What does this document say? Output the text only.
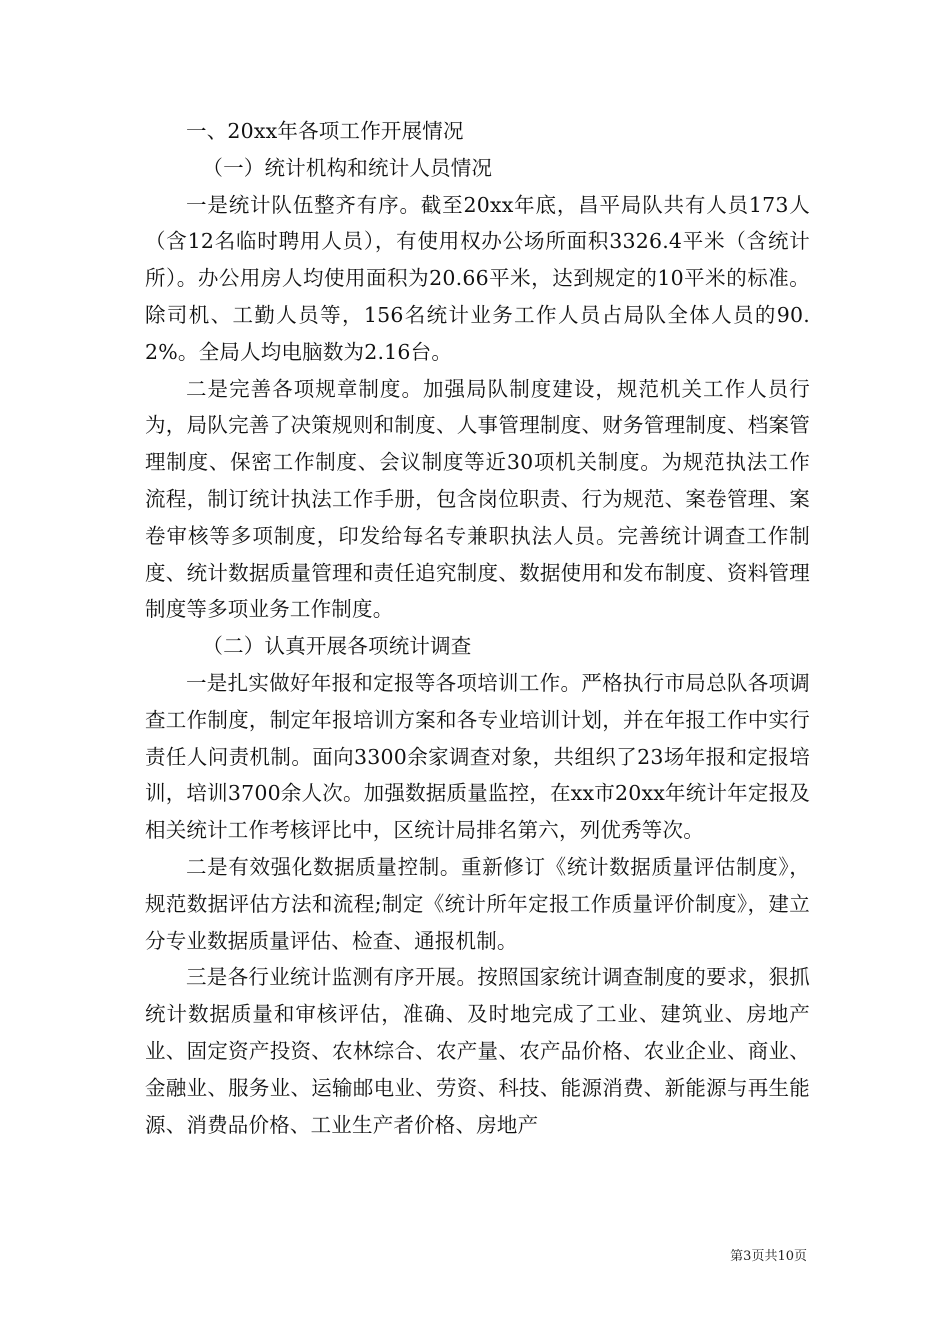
一、20xx年各项工作开展情况

（一）统计机构和统计人员情况

一是统计队伍整齐有序。截至20xx年底，昌平局队共有人员173人（含12名临时聘用人员），有使用权办公场所面积3326.4平米（含统计所）。办公用房人均使用面积为20.66平米，达到规定的10平米的标准。除司机、工勤人员等，156名统计业务工作人员占局队全体人员的90.2%。全局人均电脑数为2.16台。

二是完善各项规章制度。加强局队制度建设，规范机关工作人员行为，局队完善了决策规则和制度、人事管理制度、财务管理制度、档案管理制度、保密工作制度、会议制度等近30项机关制度。为规范执法工作流程，制订统计执法工作手册，包含岗位职责、行为规范、案卷管理、案卷审核等多项制度，印发给每名专兼职执法人员。完善统计调查工作制度、统计数据质量管理和责任追究制度、数据使用和发布制度、资料管理制度等多项业务工作制度。

（二）认真开展各项统计调查

一是扎实做好年报和定报等各项培训工作。严格执行市局总队各项调查工作制度，制定年报培训方案和各专业培训计划，并在年报工作中实行责任人问责机制。面向3300余家调查对象，共组织了23场年报和定报培训，培训3700余人次。加强数据质量监控，在xx市20xx年统计年定报及相关统计工作考核评比中，区统计局排名第六，列优秀等次。

二是有效强化数据质量控制。重新修订《统计数据质量评估制度》，规范数据评估方法和流程;制定《统计所年定报工作质量评价制度》，建立分专业数据质量评估、检查、通报机制。

三是各行业统计监测有序开展。按照国家统计调查制度的要求，狠抓统计数据质量和审核评估，准确、及时地完成了工业、建筑业、房地产业、固定资产投资、农林综合、农产量、农产品价格、农业企业、商业、金融业、服务业、运输邮电业、劳资、科技、能源消费、新能源与再生能源、消费品价格、工业生产者价格、房地产

第3页共10页
